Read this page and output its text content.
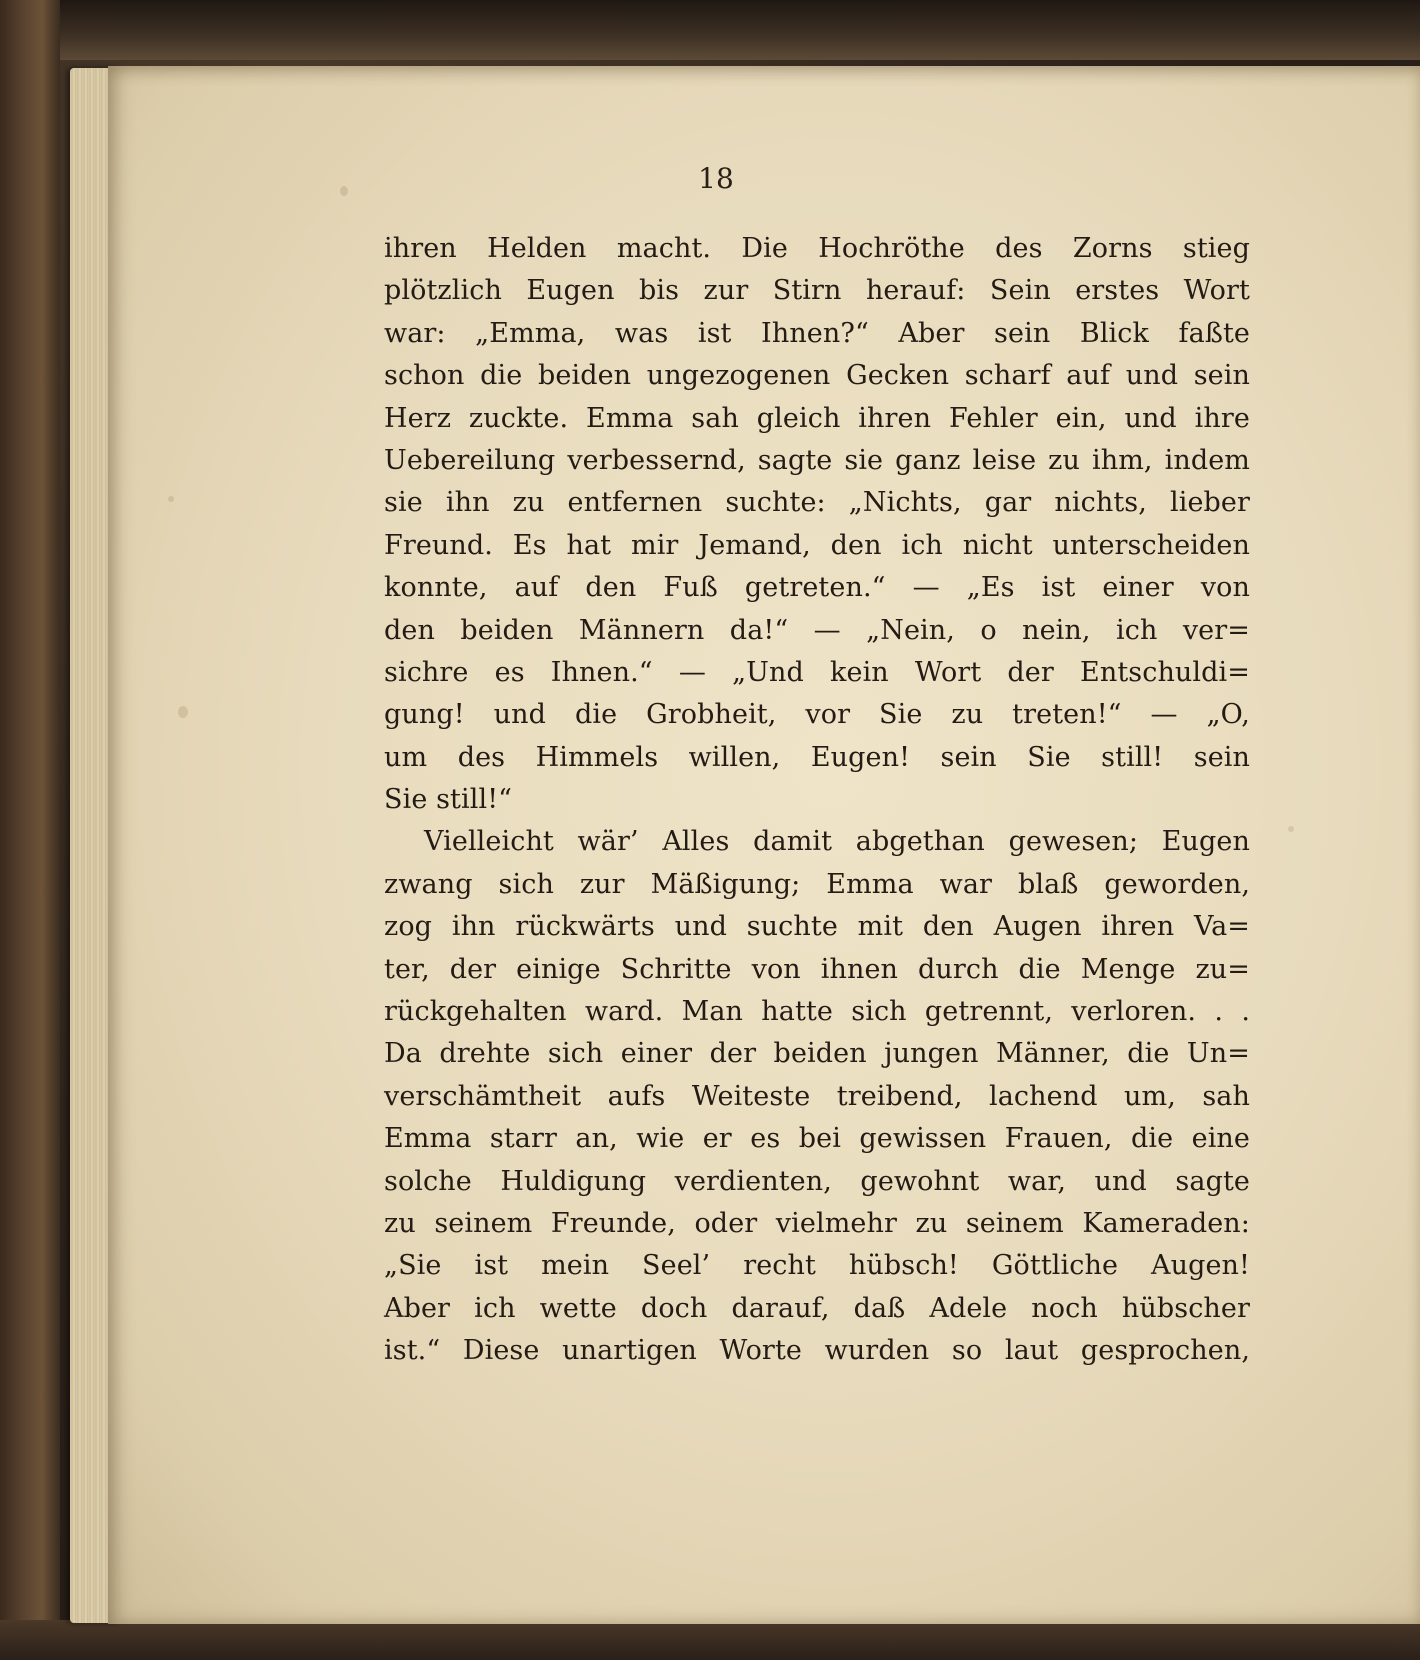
18
ihren Helden macht. Die Hochröthe des Zorns stieg
plötzlich Eugen bis zur Stirn herauf: Sein erstes Wort
war: „Emma, was ist Ihnen?“ Aber sein Blick faßte
schon die beiden ungezogenen Gecken scharf auf und sein
Herz zuckte. Emma sah gleich ihren Fehler ein, und ihre
Uebereilung verbessernd, sagte sie ganz leise zu ihm, indem
sie ihn zu entfernen suchte: „Nichts, gar nichts, lieber
Freund. Es hat mir Jemand, den ich nicht unterscheiden
konnte, auf den Fuß getreten.“ — „Es ist einer von
den beiden Männern da!“ — „Nein, o nein, ich ver=
sichre es Ihnen.“ — „Und kein Wort der Entschuldi=
gung! und die Grobheit, vor Sie zu treten!“ — „O,
um des Himmels willen, Eugen! sein Sie still! sein
Sie still!“
Vielleicht wär’ Alles damit abgethan gewesen; Eugen
zwang sich zur Mäßigung; Emma war blaß geworden,
zog ihn rückwärts und suchte mit den Augen ihren Va=
ter, der einige Schritte von ihnen durch die Menge zu=
rückgehalten ward. Man hatte sich getrennt, verloren. . .
Da drehte sich einer der beiden jungen Männer, die Un=
verschämtheit aufs Weiteste treibend, lachend um, sah
Emma starr an, wie er es bei gewissen Frauen, die eine
solche Huldigung verdienten, gewohnt war, und sagte
zu seinem Freunde, oder vielmehr zu seinem Kameraden:
„Sie ist mein Seel’ recht hübsch! Göttliche Augen!
Aber ich wette doch darauf, daß Adele noch hübscher
ist.“ Diese unartigen Worte wurden so laut gesprochen,
